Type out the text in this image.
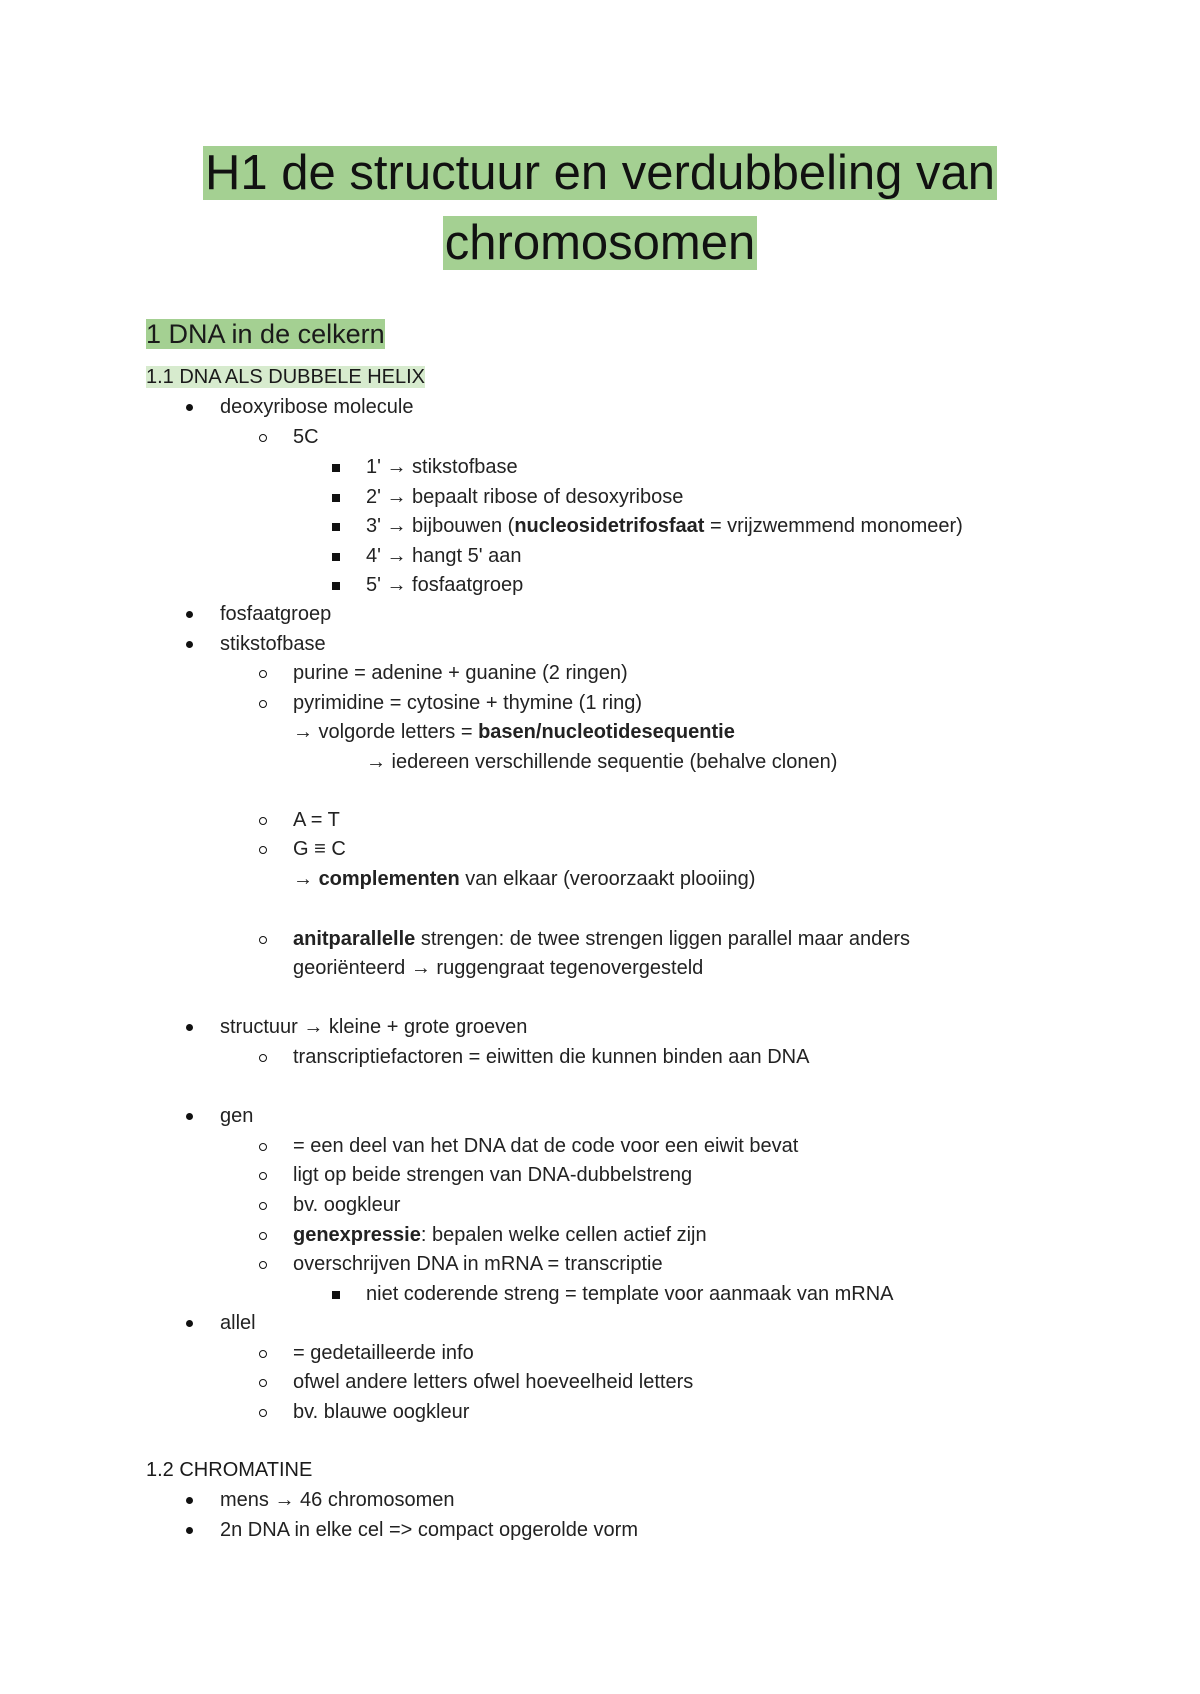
H1 de structuur en verdubbeling van
chromosomen
1 DNA in de celkern
1.1 DNA ALS DUBBELE HELIX
deoxyribose molecule
5C
1' → stikstofbase
2' → bepaalt ribose of desoxyribose
3' → bijbouwen (nucleosidetrifosfaat = vrijzwemmend monomeer)
4' → hangt 5' aan
5' → fosfaatgroep
fosfaatgroep
stikstofbase
purine = adenine + guanine (2 ringen)
pyrimidine = cytosine + thymine (1 ring)
→ volgorde letters = basen/nucleotidesequentie
→ iedereen verschillende sequentie (behalve clonen)
A = T
G ≡ C
→ complementen van elkaar (veroorzaakt plooiing)
anitparallelle strengen: de twee strengen liggen parallel maar anders
georiënteerd → ruggengraat tegenovergesteld
structuur → kleine + grote groeven
transcriptiefactoren = eiwitten die kunnen binden aan DNA
gen
= een deel van het DNA dat de code voor een eiwit bevat
ligt op beide strengen van DNA-dubbelstreng
bv. oogkleur
genexpressie: bepalen welke cellen actief zijn
overschrijven DNA in mRNA = transcriptie
niet coderende streng = template voor aanmaak van mRNA
allel
= gedetailleerde info
ofwel andere letters ofwel hoeveelheid letters
bv. blauwe oogkleur
1.2 CHROMATINE
mens → 46 chromosomen
2n DNA in elke cel => compact opgerolde vorm
